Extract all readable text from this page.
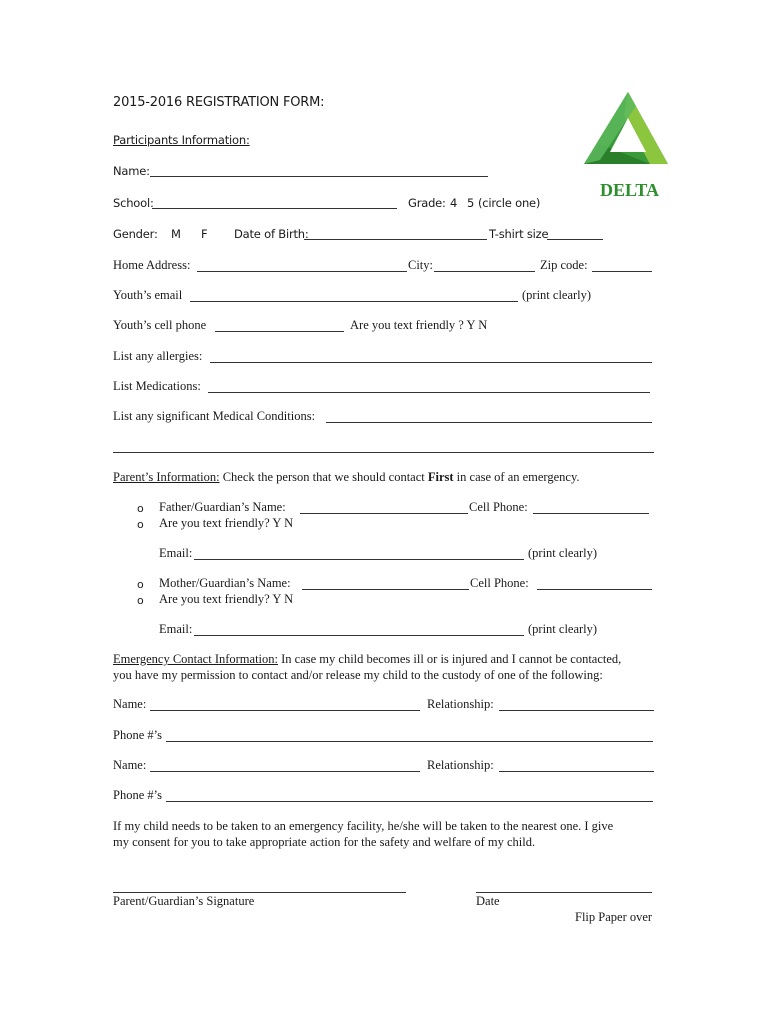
2015-2016 REGISTRATION FORM:
DELTA
Participants Information:
Name:
School:	Grade: 4 5 (circle one)
Gender: M F Date of Birth:	T-shirt size
Home Address:	City:	Zip code:
Youth’s email	(print clearly)
Youth’s cell phone	Are you text friendly ? Y N
List any allergies:
List Medications:
List any significant Medical Conditions:
Parent’s Information: Check the person that we should contact First in case of an emergency.
o Father/Guardian’s Name:	Cell Phone:
o Are you text friendly? Y N
Email:	(print clearly)
o Mother/Guardian’s Name:	Cell Phone:
o Are you text friendly? Y N
Email:	(print clearly)
Emergency Contact Information: In case my child becomes ill or is injured and I cannot be contacted,
you have my permission to contact and/or release my child to the custody of one of the following:
Name:	Relationship:
Phone #’s
Name:	Relationship:
Phone #’s
If my child needs to be taken to an emergency facility, he/she will be taken to the nearest one. I give
my consent for you to take appropriate action for the safety and welfare of my child.
Parent/Guardian’s Signature	Date
Flip Paper over
